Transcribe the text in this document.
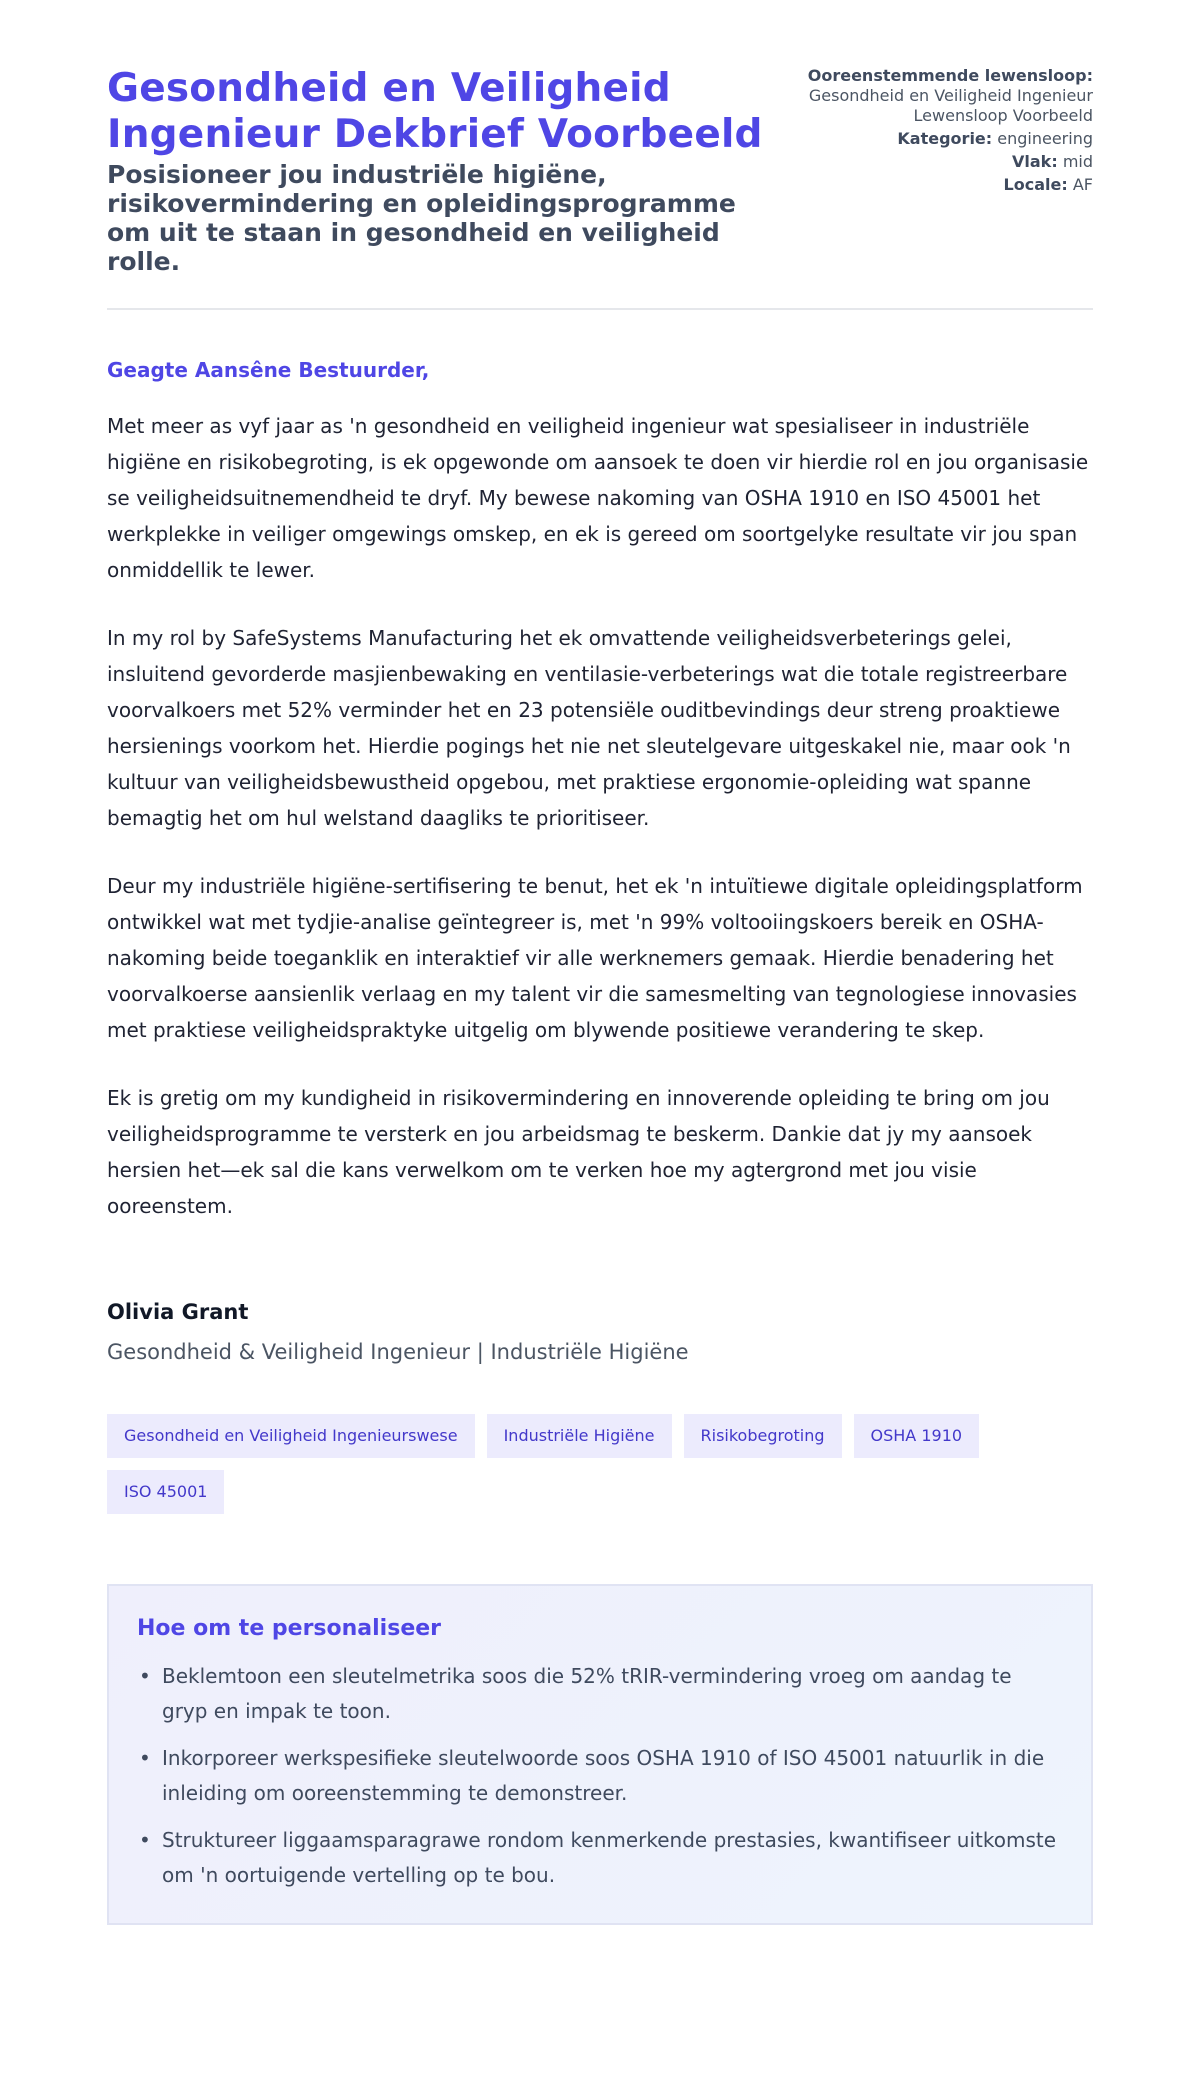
Gesondheid en Veiligheid Ingenieur Dekbrief Voorbeeld
Posisioneer jou industriële higiëne, risikovermindering en opleidingsprogramme om uit te staan in gesondheid en veiligheid rolle.
Ooreenstemmende lewensloop: Gesondheid en Veiligheid Ingenieur Lewensloop Voorbeeld
Kategorie: engineering
Vlak: mid
Locale: AF

Geagte Aansêne Bestuurder,

Met meer as vyf jaar as 'n gesondheid en veiligheid ingenieur wat spesialiseer in industriële higiëne en risikobegroting, is ek opgewonde om aansoek te doen vir hierdie rol en jou organisasie se veiligheidsuitnemendheid te dryf. My bewese nakoming van OSHA 1910 en ISO 45001 het werkplekke in veiliger omgewings omskep, en ek is gereed om soortgelyke resultate vir jou span onmiddellik te lewer.

In my rol by SafeSystems Manufacturing het ek omvattende veiligheidsverbeterings gelei, insluitend gevorderde masjienbewaking en ventilasie-verbeterings wat die totale registreerbare voorvalkoers met 52% verminder het en 23 potensiële ouditbevindings deur streng proaktiewe hersienings voorkom het. Hierdie pogings het nie net sleutelgevare uitgeskakel nie, maar ook 'n kultuur van veiligheidsbewustheid opgebou, met praktiese ergonomie-opleiding wat spanne bemagtig het om hul welstand daagliks te prioritiseer.

Deur my industriële higiëne-sertifisering te benut, het ek 'n intuïtiewe digitale opleidingsplatform ontwikkel wat met tydjie-analise geïntegreer is, met 'n 99% voltooiingskoers bereik en OSHA-nakoming beide toeganklik en interaktief vir alle werknemers gemaak. Hierdie benadering het voorvalkoerse aansienlik verlaag en my talent vir die samesmelting van tegnologiese innovasies met praktiese veiligheidspraktyke uitgelig om blywende positiewe verandering te skep.

Ek is gretig om my kundigheid in risikovermindering en innoverende opleiding te bring om jou veiligheidsprogramme te versterk en jou arbeidsmag te beskerm. Dankie dat jy my aansoek hersien het—ek sal die kans verwelkom om te verken hoe my agtergrond met jou visie ooreenstem.

Olivia Grant
Gesondheid & Veiligheid Ingenieur | Industriële Higiëne
Gesondheid en Veiligheid Ingenieurswese	Industriële Higiëne	Risikobegroting	OSHA 1910
ISO 45001
Hoe om te personaliseer
• Beklemtoon een sleutelmetrika soos die 52% tRIR-vermindering vroeg om aandag te gryp en impak te toon.
• Inkorporeer werkspesifieke sleutelwoorde soos OSHA 1910 of ISO 45001 natuurlik in die inleiding om ooreenstemming te demonstreer.
• Struktureer liggaamsparagrawe rondom kenmerkende prestasies, kwantifiseer uitkomste om 'n oortuigende vertelling op te bou.
